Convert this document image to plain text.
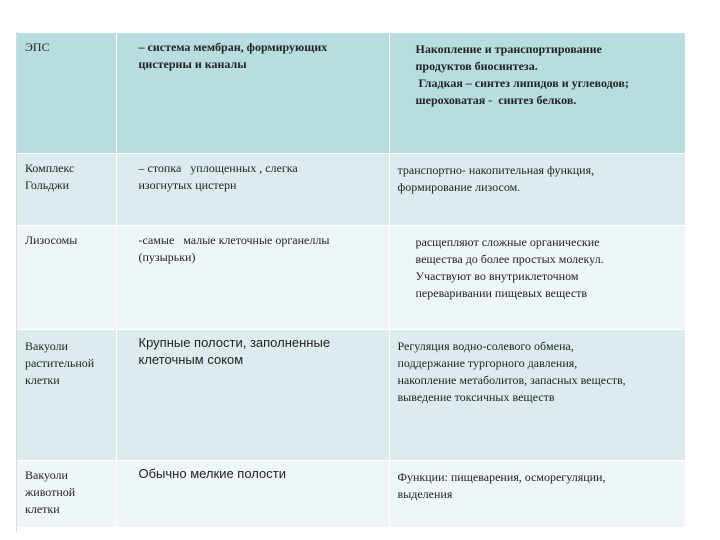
ЭПС	– система мембран, формирующих
цистерны и каналы	Накопление и транспортирование
продуктов биосинтеза.
Гладкая – синтез липидов и углеводов;
шероховатая -  синтез белков.

Комплекс Гольджи	– стопка   уплощенных , слегка
изогнутых цистерн	транспортно- накопительная функция,
формирование лизосом.

Лизосомы	-самые   малые клеточные органеллы
(пузырьки)	расщепляют сложные органические
вещества до более простых молекул.
Участвуют во внутриклеточном
переваривании пищевых веществ

Вакуоли растительной клетки	Крупные полости, заполненные
клеточным соком	Регуляция водно-солевого обмена,
поддержание тургорного давления,
накопление метаболитов, запасных веществ,
выведение токсичных веществ

Вакуоли животной клетки	Обычно мелкие полости	Функции: пищеварения, осморегуляции,
выделения
